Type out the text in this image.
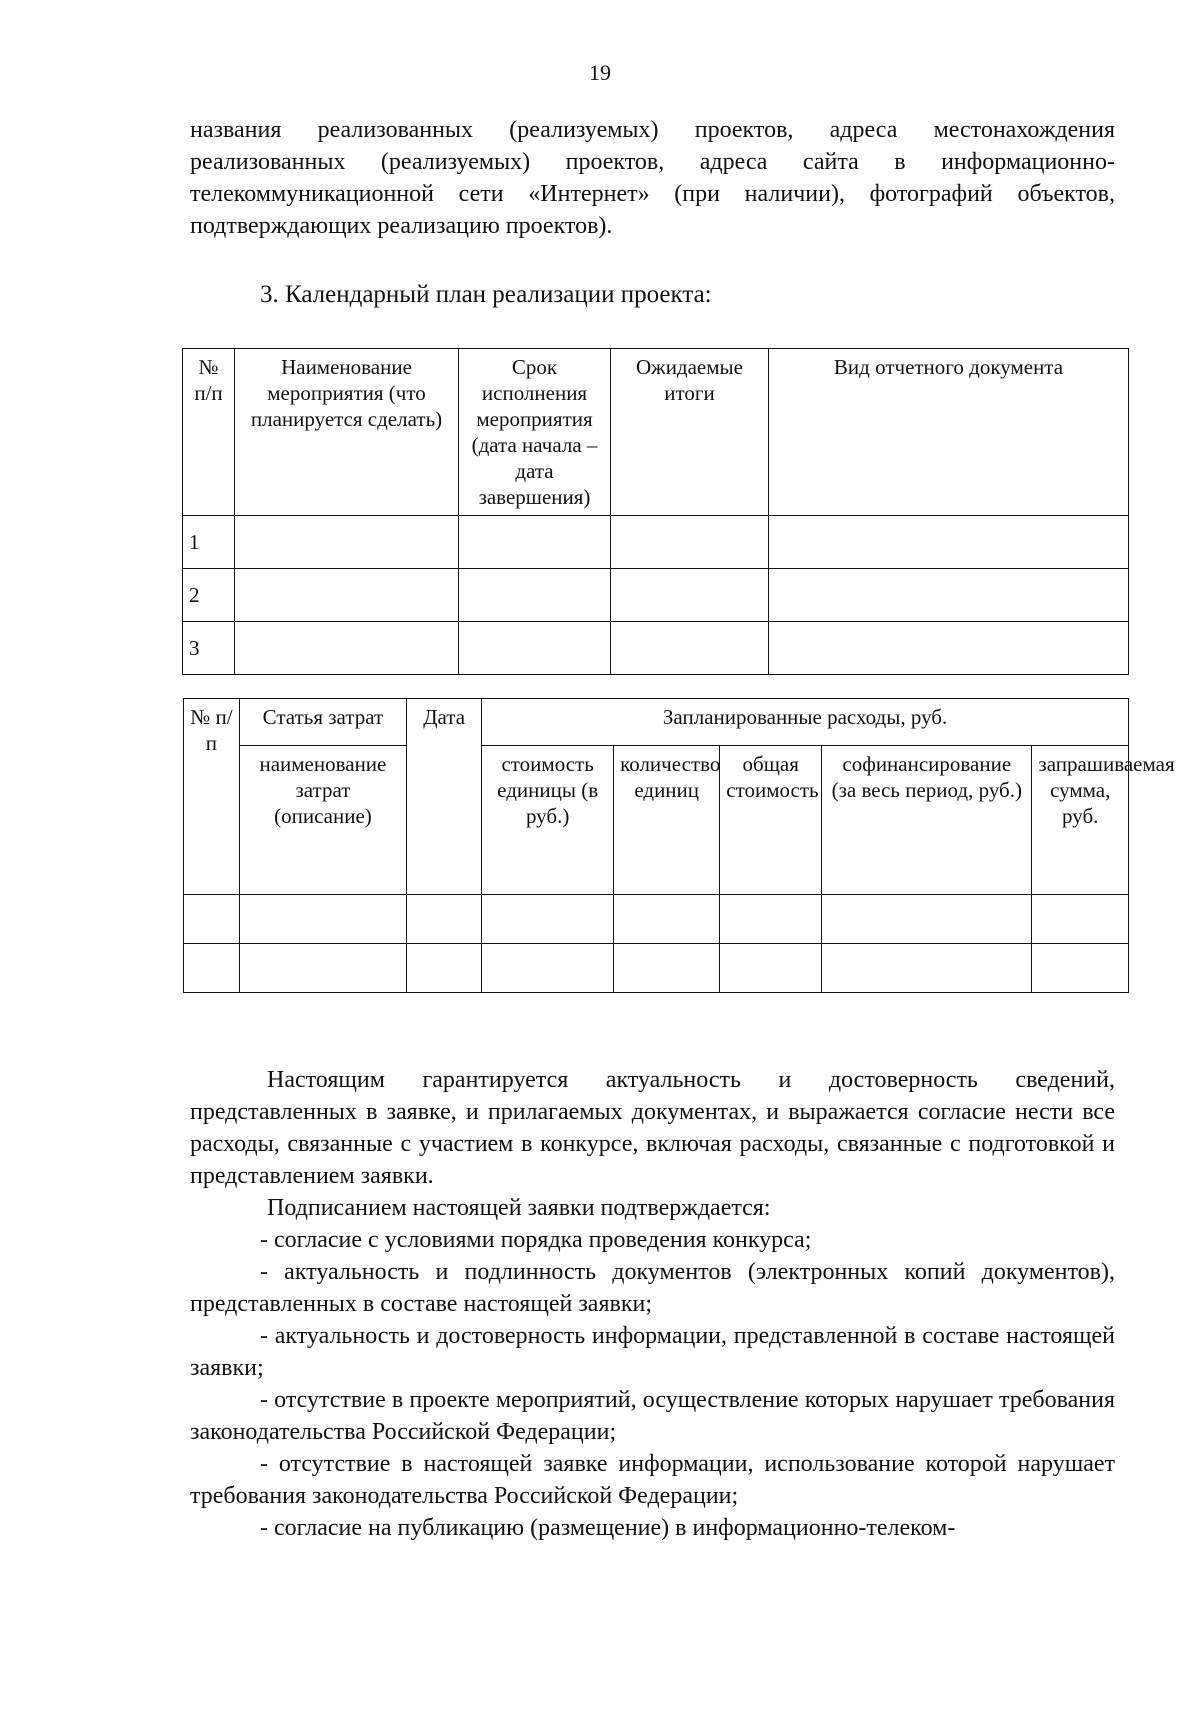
19

названия реализованных (реализуемых) проектов, адреса местонахождения реализованных (реализуемых) проектов, адреса сайта в информационно-телекоммуникационной сети «Интернет» (при наличии), фотографий объектов, подтверждающих реализацию проектов).

3. Календарный план реализации проекта:
№ п/п	Наименование мероприятия (что планируется сделать)	Срок исполнения мероприятия (дата начала – дата завершения)	Ожидаемые итоги	Вид отчетного документа
1				
2				
3				
№ п/п	Статья затрат	Дата	Запланированные расходы, руб.				
	наименование затрат (описание)		стоимость единицы (в руб.)	количество единиц	общая стоимость	софинансирование (за весь период, руб.)	запрашиваемая сумма, руб.

Настоящим гарантируется актуальность и достоверность сведений, представленных в заявке, и прилагаемых документах, и выражается согласие нести все расходы, связанные с участием в конкурсе, включая расходы, связанные с подготовкой и представлением заявки.

Подписанием настоящей заявки подтверждается:

- согласие с условиями порядка проведения конкурса;

- актуальность и подлинность документов (электронных копий документов), представленных в составе настоящей заявки;

- актуальность и достоверность информации, представленной в составе настоящей заявки;

- отсутствие в проекте мероприятий, осуществление которых нарушает требования законодательства Российской Федерации;

- отсутствие в настоящей заявке информации, использование которой нарушает требования законодательства Российской Федерации;

- согласие на публикацию (размещение) в информационно-телеком-
